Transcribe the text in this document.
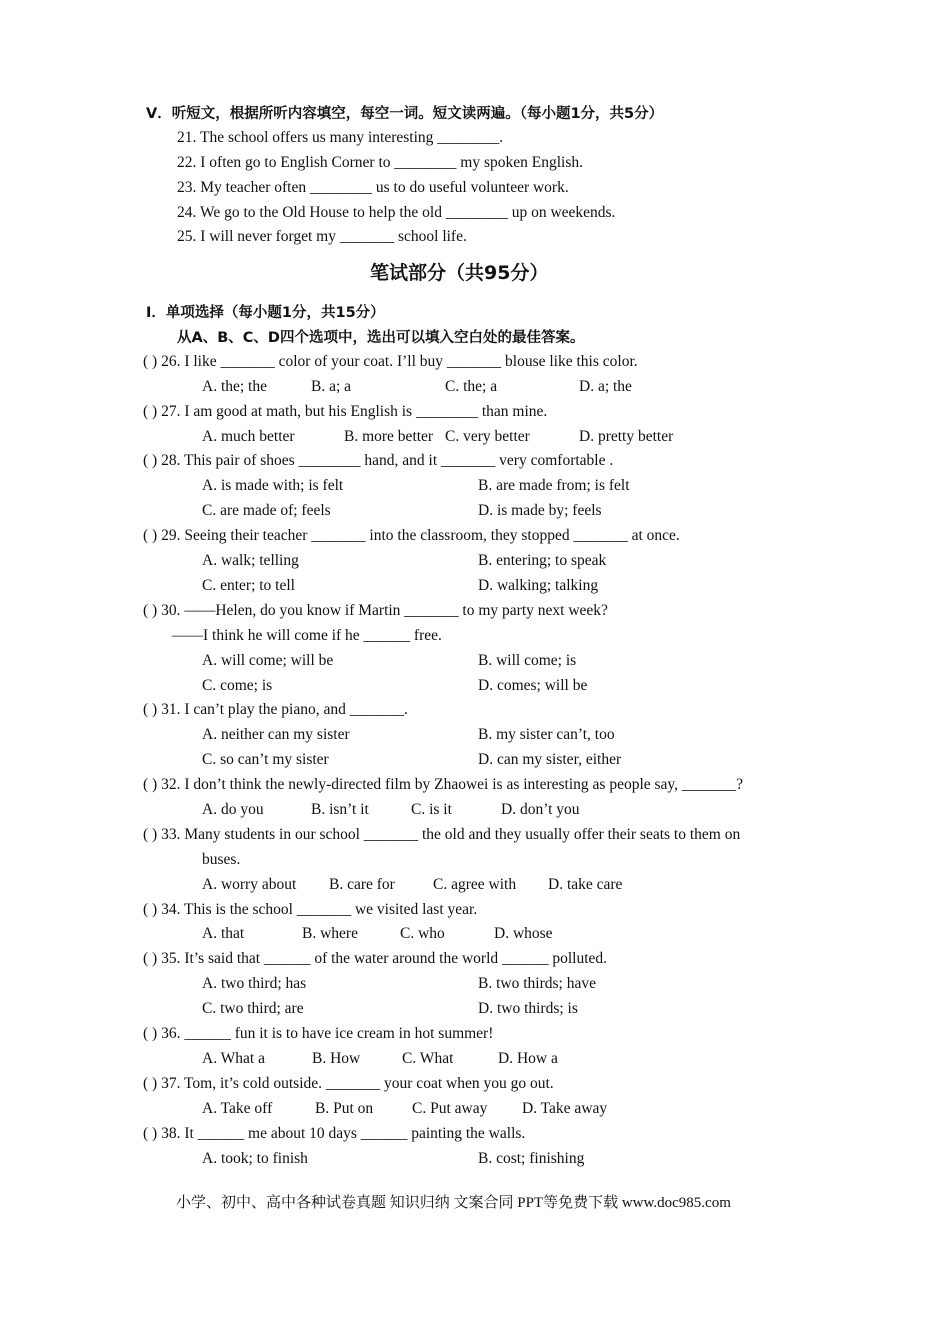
Ⅴ．听短文，根据所听内容填空，每空一词。短文读两遍。（每小题1分，共5分）
21. The school offers us many interesting ________.
22. I often go to English Corner to ________ my spoken English.
23. My teacher often ________ us to do useful volunteer work.
24. We go to the Old House to help the old ________ up on weekends.
25. I will never forget my _______ school life.
笔试部分（共95分）
Ⅰ．单项选择（每小题1分，共15分）
从A、B、C、D四个选项中，选出可以填入空白处的最佳答案。
( ) 26. I like _______ color of your coat. I’ll buy _______ blouse like this color.
A. the; the	B. a; a	C. the; a	D. a; the
( ) 27. I am good at math, but his English is ________ than mine.
A. much better	B. more better C. very better	D. pretty better
( ) 28. This pair of shoes ________ hand, and it _______ very comfortable .
A. is made with; is felt	B. are made from; is felt
C. are made of; feels	D. is made by; feels
( ) 29. Seeing their teacher _______ into the classroom, they stopped _______ at once.
A. walk; telling	B. entering; to speak
C. enter; to tell	D. walking; talking
( ) 30. ——Helen, do you know if Martin _______ to my party next week?
——I think he will come if he ______ free.
A. will come; will be	B. will come; is
C. come; is	D. comes; will be
( ) 31. I can’t play the piano, and _______.
A. neither can my sister	B. my sister can’t, too
C. so can’t my sister	D. can my sister, either
( ) 32. I don’t think the newly-directed film by Zhaowei is as interesting as people say, _______?
A. do you	B. isn’t it	C. is it	D. don’t you
( ) 33. Many students in our school _______ the old and they usually offer their seats to them on
buses.
A. worry about B. care for C. agree with D. take care
( ) 34. This is the school _______ we visited last year.
A. that	B. where	C. who	D. whose
( ) 35. It’s said that ______ of the water around the world ______ polluted.
A. two third; has	B. two thirds; have
C. two third; are	D. two thirds; is
( ) 36. ______ fun it is to have ice cream in hot summer!
A. What a	B. How	C. What	D. How a
( ) 37. Tom, it’s cold outside. _______ your coat when you go out.
A. Take off	B. Put on	C. Put away D. Take away
( ) 38. It ______ me about 10 days ______ painting the walls.
A. took; to finish	B. cost; finishing
小学、初中、高中各种试卷真题 知识归纳 文案合同 PPT等免费下载 www.doc985.com
